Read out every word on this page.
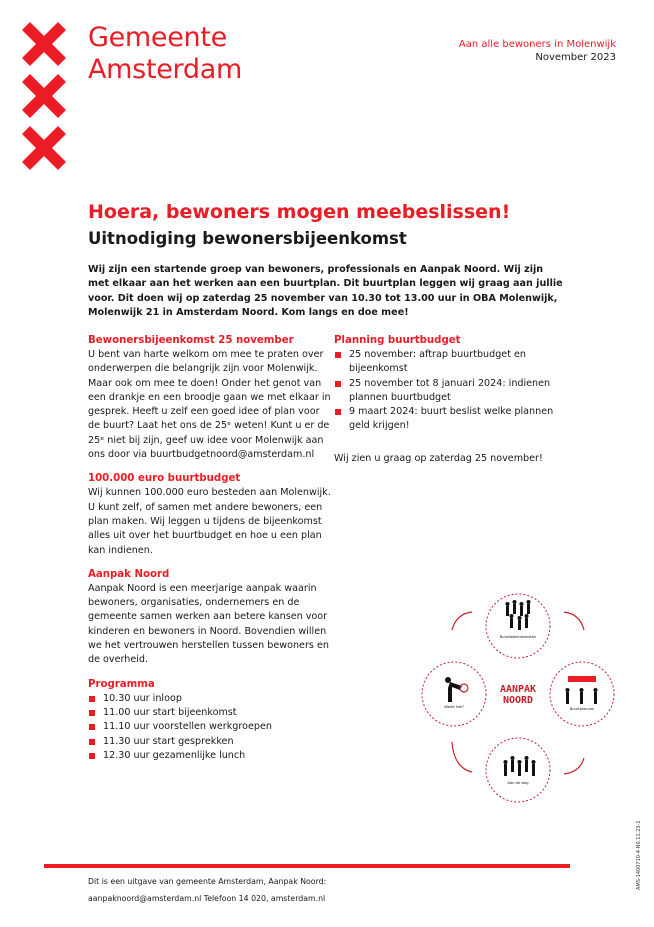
Gemeente
Amsterdam
Aan alle bewoners in Molenwijk
November 2023
Hoera, bewoners mogen meebeslissen!
Uitnodiging bewonersbijeenkomst
Wij zijn een startende groep van bewoners, professionals en Aanpak Noord. Wij zijn met elkaar aan het werken aan een buurtplan. Dit buurtplan leggen wij graag aan jullie voor. Dit doen wij op zaterdag 25 november van 10.30 tot 13.00 uur in OBA Molenwijk, Molenwijk 21 in Amsterdam Noord. Kom langs en doe mee!
Bewonersbijeenkomst 25 november
U bent van harte welkom om mee te praten over onderwerpen die belangrijk zijn voor Molenwijk. Maar ook om mee te doen! Onder het genot van een drankje en een broodje gaan we met elkaar in gesprek. Heeft u zelf een goed idee of plan voor de buurt? Laat het ons de 25ᵉ weten! Kunt u er de 25ᵉ niet bij zijn, geef uw idee voor Molenwijk aan ons door via buurtbudgetnoord@amsterdam.nl
100.000 euro buurtbudget
Wij kunnen 100.000 euro besteden aan Molenwijk. U kunt zelf, of samen met andere bewoners, een plan maken. Wij leggen u tijdens de bijeenkomst alles uit over het buurtbudget en hoe u een plan kan indienen.
Aanpak Noord
Aanpak Noord is een meerjarige aanpak waarin bewoners, organisaties, ondernemers en de gemeente samen werken aan betere kansen voor kinderen en bewoners in Noord. Bovendien willen we het vertrouwen herstellen tussen bewoners en de overheid.
Programma
10.30 uur inloop
11.00 uur start bijeenkomst
11.10 uur voorstellen werkgroepen
11.30 uur start gesprekken
12.30 uur gezamenlijke lunch
Planning buurtbudget
25 november: aftrap buurtbudget en bijeenkomst
25 november tot 8 januari 2024: indienen plannen buurtbudget
9 maart 2024: buurt beslist welke plannen geld krijgen!
Wij zien u graag op zaterdag 25 november!
Buurtbijeenkomsten
Buurtplannen
Aan de slag
Werkt het?
AANPAK
NOORD
Dit is een uitgave van gemeente Amsterdam, Aanpak Noord:
aanpaknoord@amsterdam.nl Telefoon 14 020, amsterdam.nl
AMS-1400710-4-N0.11.23-1
